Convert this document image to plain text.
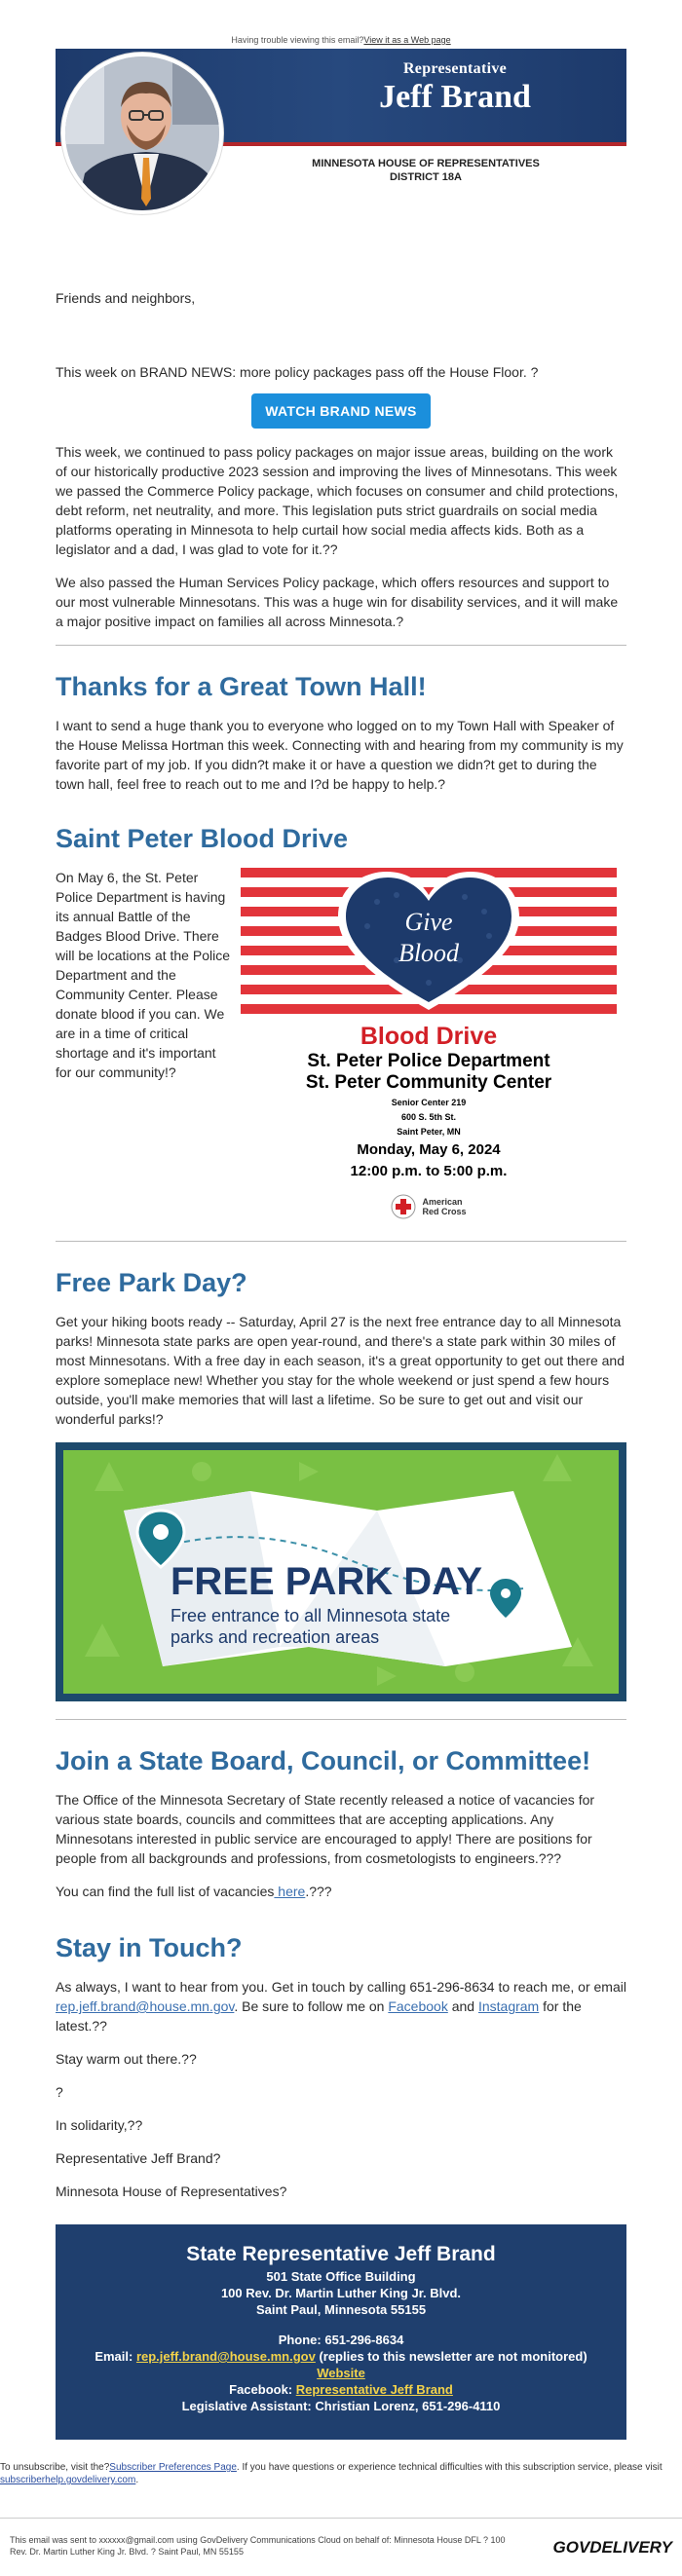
Having trouble viewing this email?View it as a Web page
Representative
Jeff Brand
MINNESOTA HOUSE OF REPRESENTATIVES
DISTRICT 18A

Friends and neighbors,

This week on BRAND NEWS: more policy packages pass off the House Floor. ?

WATCH BRAND NEWS

This week, we continued to pass policy packages on major issue areas, building on the work of our historically productive 2023 session and improving the lives of Minnesotans. This week we passed the Commerce Policy package, which focuses on consumer and child protections, debt reform, net neutrality, and more. This legislation puts strict guardrails on social media platforms operating in Minnesota to help curtail how social media affects kids. Both as a legislator and a dad, I was glad to vote for it.??

We also passed the Human Services Policy package, which offers resources and support to our most vulnerable Minnesotans. This was a huge win for disability services, and it will make a major positive impact on families all across Minnesota.?

Thanks for a Great Town Hall!

I want to send a huge thank you to everyone who logged on to my Town Hall with Speaker of the House Melissa Hortman this week. Connecting with and hearing from my community is my favorite part of my job. If you didn?t make it or have a question we didn?t get to during the town hall, feel free to reach out to me and I?d be happy to help.?

Saint Peter Blood Drive

On May 6, the St. Peter Police Department is having its annual Battle of the Badges Blood Drive. There will be locations at the Police Department and the Community Center. Please donate blood if you can. We are in a time of critical shortage and it's important for our community!?

Give
Blood
Blood Drive
St. Peter Police Department
St. Peter Community Center
Senior Center 219
600 S. 5th St.
Saint Peter, MN
Monday, May 6, 2024
12:00 p.m. to 5:00 p.m.
American
Red Cross
Free Park Day?

Get your hiking boots ready -- Saturday, April 27 is the next free entrance day to all Minnesota parks! Minnesota state parks are open year-round, and there's a state park within 30 miles of most Minnesotans. With a free day in each season, it's a great opportunity to get out there and explore someplace new! Whether you stay for the whole weekend or just spend a few hours outside, you'll make memories that will last a lifetime. So be sure to get out and visit our wonderful parks!?

FREE PARK DAY
Free entrance to all Minnesota state
parks and recreation areas
Join a State Board, Council, or Committee!

The Office of the Minnesota Secretary of State recently released a notice of vacancies for various state boards, councils and committees that are accepting applications. Any Minnesotans interested in public service are encouraged to apply! There are positions for people from all backgrounds and professions, from cosmetologists to engineers.???

You can find the full list of vacancies here.???

Stay in Touch?

As always, I want to hear from you. Get in touch by calling 651-296-8634 to reach me, or email rep.jeff.brand@house.mn.gov. Be sure to follow me on Facebook and Instagram for the latest.??

Stay warm out there.??

?

In solidarity,??

Representative Jeff Brand?

Minnesota House of Representatives?

State Representative Jeff Brand
501 State Office Building
100 Rev. Dr. Martin Luther King Jr. Blvd.
Saint Paul, Minnesota 55155
Phone: 651-296-8634
Email: rep.jeff.brand@house.mn.gov (replies to this newsletter are not monitored)
Website
Facebook: Representative Jeff Brand
Legislative Assistant: Christian Lorenz, 651-296-4110
To unsubscribe, visit the?Subscriber Preferences Page. If you have questions or experience technical difficulties with this subscription service, please visit subscriberhelp.govdelivery.com.
This email was sent to xxxxxx@gmail.com using GovDelivery Communications Cloud on behalf of: Minnesota House DFL ? 100
Rev. Dr. Martin Luther King Jr. Blvd. ? Saint Paul, MN 55155	GOVDELIVERY
